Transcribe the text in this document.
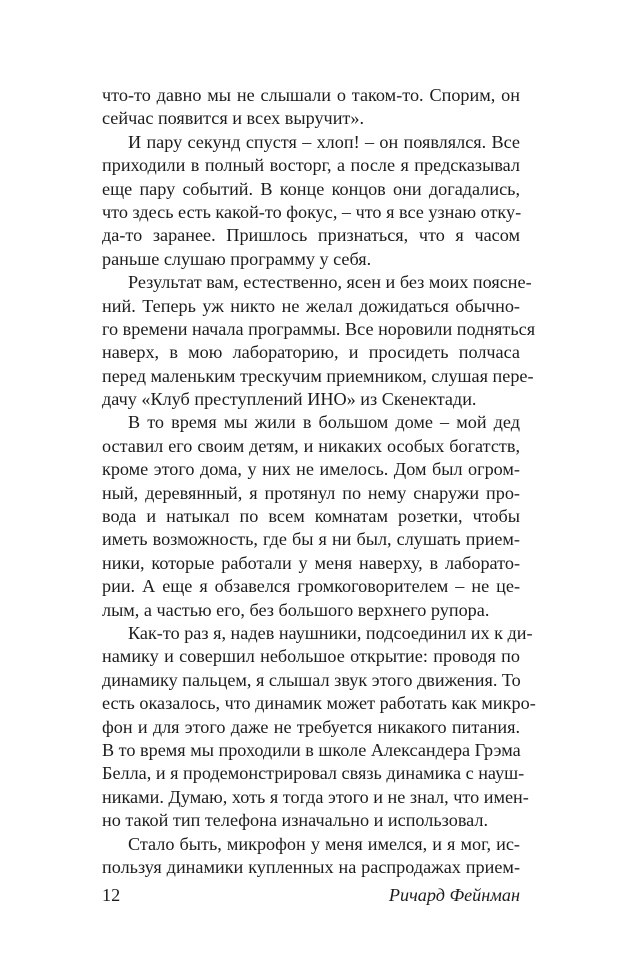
что-то давно мы не слышали о таком-то. Спорим, он
сейчас появится и всех выручит».
И пару секунд спустя – хлоп! – он появлялся. Все
приходили в полный восторг, а после я предсказывал
еще пару событий. В конце концов они догадались,
что здесь есть какой-то фокус, – что я все узнаю отку-
да-то заранее. Пришлось признаться, что я часом
раньше слушаю программу у себя.
Результат вам, естественно, ясен и без моих поясне-
ний. Теперь уж никто не желал дожидаться обычно-
го времени начала программы. Все норовили подняться
наверх, в мою лабораторию, и просидеть полчаса
перед маленьким трескучим приемником, слушая пере-
дачу «Клуб преступлений ИНО» из Скенектади.
В то время мы жили в большом доме – мой дед
оставил его своим детям, и никаких особых богатств,
кроме этого дома, у них не имелось. Дом был огром-
ный, деревянный, я протянул по нему снаружи про-
вода и натыкал по всем комнатам розетки, чтобы
иметь возможность, где бы я ни был, слушать прием-
ники, которые работали у меня наверху, в лаборато-
рии. А еще я обзавелся громкоговорителем – не це-
лым, а частью его, без большого верхнего рупора.
Как-то раз я, надев наушники, подсоединил их к ди-
намику и совершил небольшое открытие: проводя по
динамику пальцем, я слышал звук этого движения. То
есть оказалось, что динамик может работать как микро-
фон и для этого даже не требуется никакого питания.
В то время мы проходили в школе Александера Грэма
Белла, и я продемонстрировал связь динамика с науш-
никами. Думаю, хоть я тогда этого и не знал, что имен-
но такой тип телефона изначально и использовал.
Стало быть, микрофон у меня имелся, и я мог, ис-
пользуя динамики купленных на распродажах прием-
12	Ричард Фейнман
